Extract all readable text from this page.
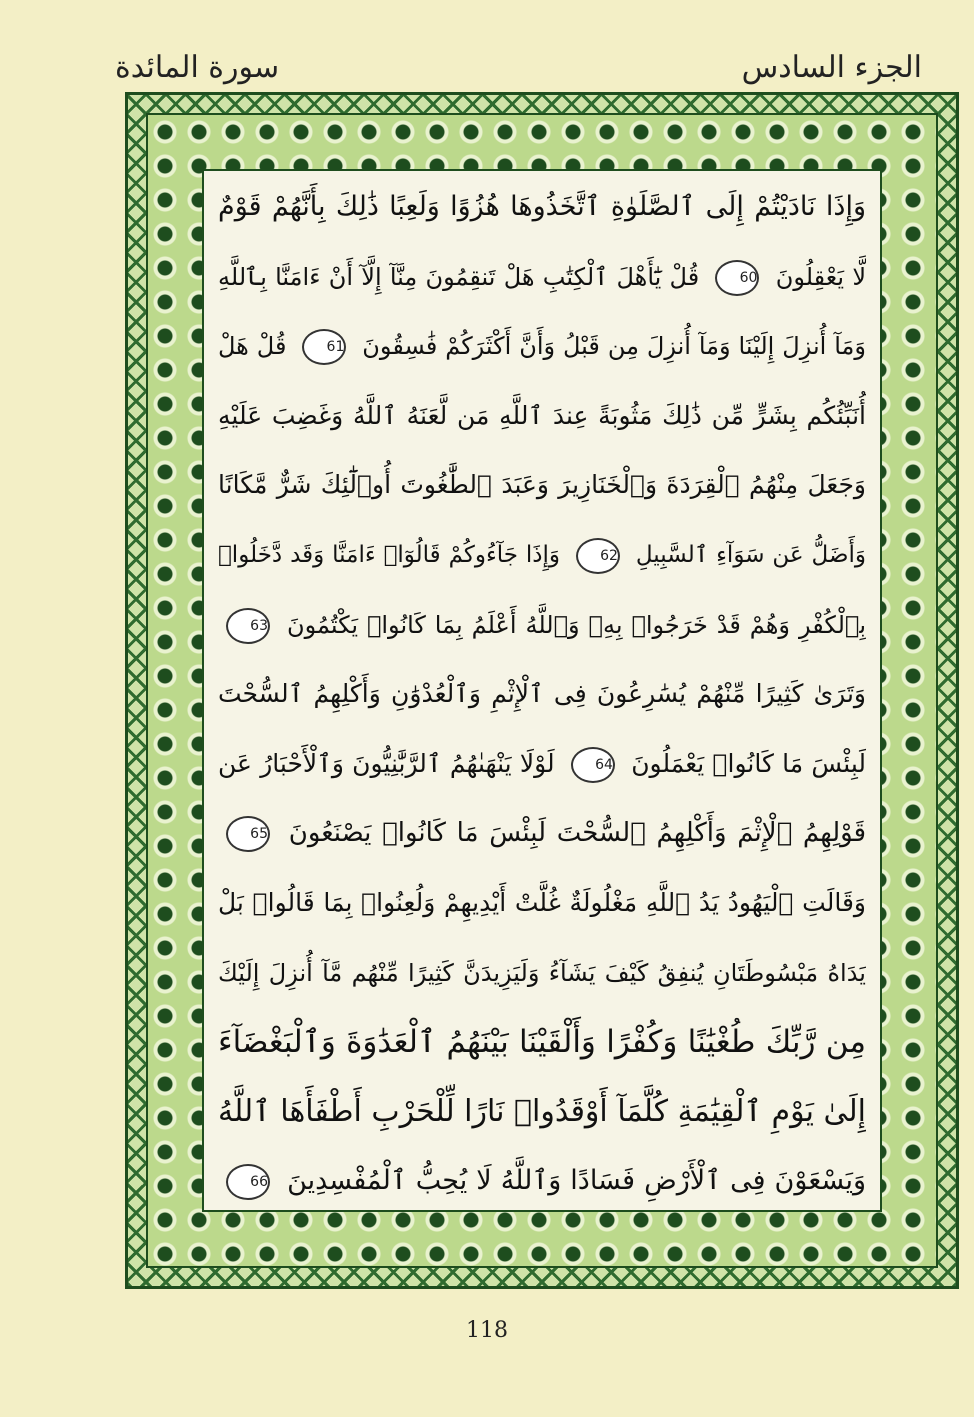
الجزء السادس
سورة المائدة
وَإِذَا نَادَيْتُمْ إِلَى ٱلصَّلَوٰةِ ٱتَّخَذُوهَا هُزُوًا وَلَعِبًا ذَٰلِكَ بِأَنَّهُمْ قَوْمٌ
لَّا يَعْقِلُونَ 60 قُلْ يَٰٓأَهْلَ ٱلْكِتَٰبِ هَلْ تَنقِمُونَ مِنَّآ إِلَّآ أَنْ ءَامَنَّا بِٱللَّهِ
وَمَآ أُنزِلَ إِلَيْنَا وَمَآ أُنزِلَ مِن قَبْلُ وَأَنَّ أَكْثَرَكُمْ فَٰسِقُونَ 61 قُلْ هَلْ
أُنَبِّئُكُم بِشَرٍّ مِّن ذَٰلِكَ مَثُوبَةً عِندَ ٱللَّهِ مَن لَّعَنَهُ ٱللَّهُ وَغَضِبَ عَلَيْهِ
وَجَعَلَ مِنْهُمُ ٱلْقِرَدَةَ وَٱلْخَنَازِيرَ وَعَبَدَ ٱلطَّٰغُوتَ أُو۟لَٰٓئِكَ شَرٌّ مَّكَانًا
وَأَضَلُّ عَن سَوَآءِ ٱلسَّبِيلِ 62 وَإِذَا جَآءُوكُمْ قَالُوٓا۟ ءَامَنَّا وَقَد دَّخَلُوا۟
بِٱلْكُفْرِ وَهُمْ قَدْ خَرَجُوا۟ بِهِۦ وَٱللَّهُ أَعْلَمُ بِمَا كَانُوا۟ يَكْتُمُونَ 63
وَتَرَىٰ كَثِيرًا مِّنْهُمْ يُسَٰرِعُونَ فِى ٱلْإِثْمِ وَٱلْعُدْوَٰنِ وَأَكْلِهِمُ ٱلسُّحْتَ
لَبِئْسَ مَا كَانُوا۟ يَعْمَلُونَ 64 لَوْلَا يَنْهَىٰهُمُ ٱلرَّبَّٰنِيُّونَ وَٱلْأَحْبَارُ عَن
قَوْلِهِمُ ٱلْإِثْمَ وَأَكْلِهِمُ ٱلسُّحْتَ لَبِئْسَ مَا كَانُوا۟ يَصْنَعُونَ 65
وَقَالَتِ ٱلْيَهُودُ يَدُ ٱللَّهِ مَغْلُولَةٌ غُلَّتْ أَيْدِيهِمْ وَلُعِنُوا۟ بِمَا قَالُوا۟ بَلْ
يَدَاهُ مَبْسُوطَتَانِ يُنفِقُ كَيْفَ يَشَآءُ وَلَيَزِيدَنَّ كَثِيرًا مِّنْهُم مَّآ أُنزِلَ إِلَيْكَ
مِن رَّبِّكَ طُغْيَٰنًا وَكُفْرًا وَأَلْقَيْنَا بَيْنَهُمُ ٱلْعَدَٰوَةَ وَٱلْبَغْضَآءَ
إِلَىٰ يَوْمِ ٱلْقِيَٰمَةِ كُلَّمَآ أَوْقَدُوا۟ نَارًا لِّلْحَرْبِ أَطْفَأَهَا ٱللَّهُ
وَيَسْعَوْنَ فِى ٱلْأَرْضِ فَسَادًا وَٱللَّهُ لَا يُحِبُّ ٱلْمُفْسِدِينَ 66
118
